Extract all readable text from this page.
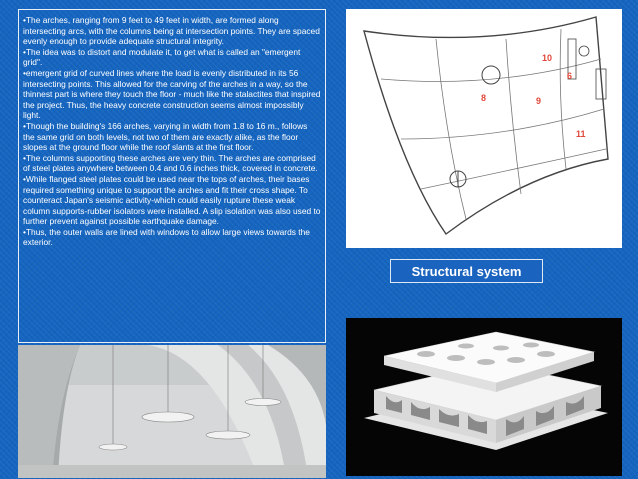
•The arches, ranging from 9 feet to 49 feet in width, are formed along intersecting arcs, with the columns being at intersection points. They are spaced evenly enough to provide adequate structural integrity.

•The idea was to distort and modulate it, to get what is called an "emergent grid".

•emergent grid of curved lines where the load is evenly distributed in its 56 intersecting points. This allowed for the carving of the arches in a way, so the thinnest part is where they touch the floor - much like the stalactites that inspired the project. Thus, the heavy concrete construction seems almost impossibly light.

•Though the building's 166 arches, varying in width from 1.8 to 16 m., follows the same grid on both levels, not two of them are exactly alike, as the floor slopes at the ground floor while the roof slants at the first floor.

•The columns supporting these arches are very thin. The arches are comprised of steel plates anywhere between 0.4 and 0.6 inches thick, covered in concrete.

•While flanged steel plates could be used near the tops of arches, their bases required something unique to support the arches and fit their cross shape. To counteract Japan's seismic activity-which could easily rupture these weak column supports-rubber isolators were installed. A slip isolation was also used to further prevent against possible earthquake damage.

•Thus, the outer walls are lined with windows to allow large views towards the exterior.

8	9
10
6
11
Structural system
